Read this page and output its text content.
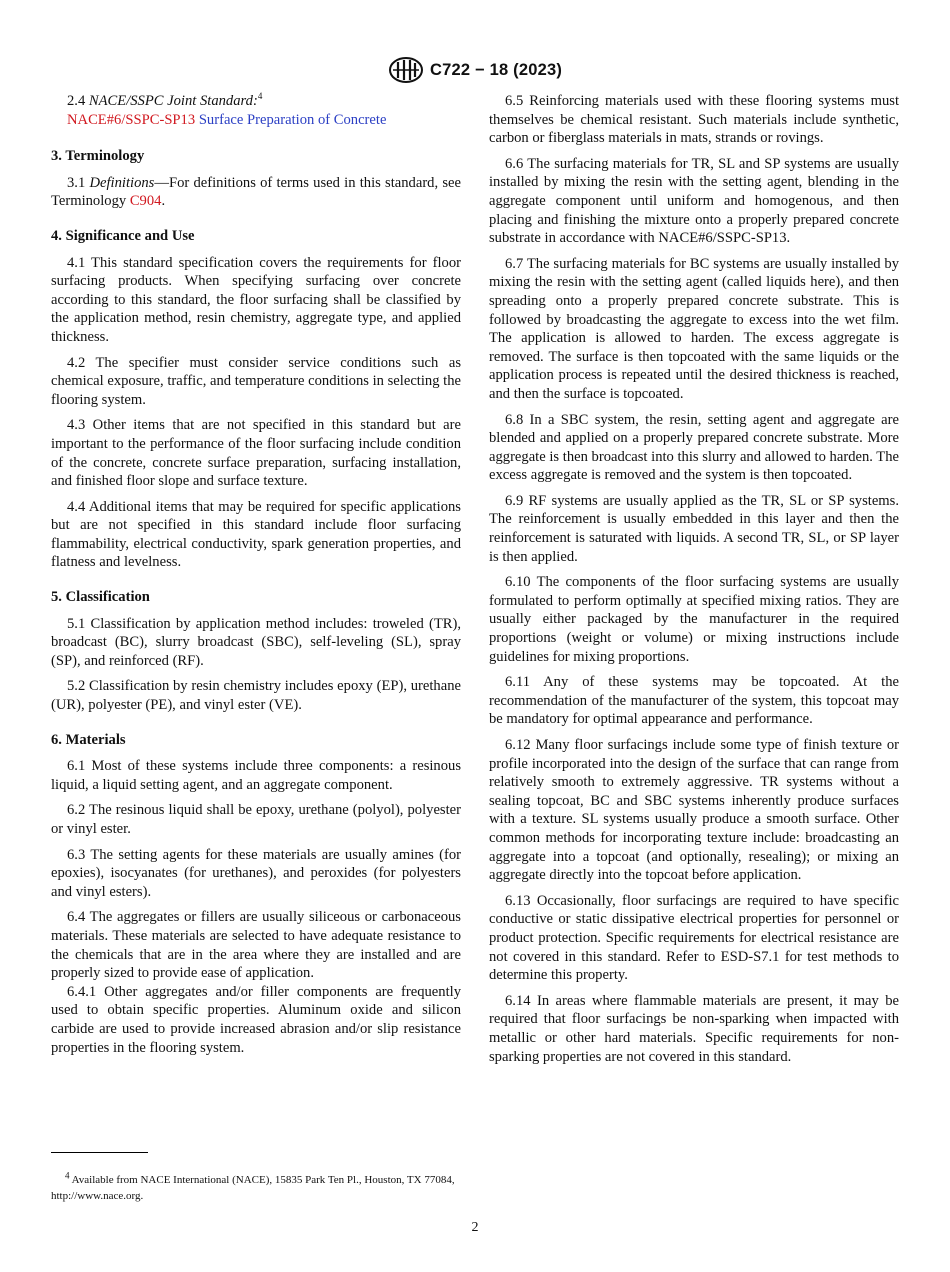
C722 − 18 (2023)

2.4 NACE/SSPC Joint Standard:$^4$

NACE#6/SSPC-SP13 Surface Preparation of Concrete

3. Terminology

3.1 Definitions—For definitions of terms used in this standard, see Terminology C904.

4. Significance and Use

4.1 This standard specification covers the requirements for floor surfacing products. When specifying surfacing over concrete according to this standard, the floor surfacing shall be classified by the application method, resin chemistry, aggregate type, and applied thickness.

4.2 The specifier must consider service conditions such as chemical exposure, traffic, and temperature conditions in selecting the flooring system.

4.3 Other items that are not specified in this standard but are important to the performance of the floor surfacing include condition of the concrete, concrete surface preparation, surfacing installation, and finished floor slope and surface texture.

4.4 Additional items that may be required for specific applications but are not specified in this standard include floor surfacing flammability, electrical conductivity, spark generation properties, and flatness and levelness.

5. Classification

5.1 Classification by application method includes: troweled (TR), broadcast (BC), slurry broadcast (SBC), self-leveling (SL), spray (SP), and reinforced (RF).

5.2 Classification by resin chemistry includes epoxy (EP), urethane (UR), polyester (PE), and vinyl ester (VE).

6. Materials

6.1 Most of these systems include three components: a resinous liquid, a liquid setting agent, and an aggregate component.

6.2 The resinous liquid shall be epoxy, urethane (polyol), polyester or vinyl ester.

6.3 The setting agents for these materials are usually amines (for epoxies), isocyanates (for urethanes), and peroxides (for polyesters and vinyl esters).

6.4 The aggregates or fillers are usually siliceous or carbonaceous materials. These materials are selected to have adequate resistance to the chemicals that are in the area where they are installed and are properly sized to provide ease of application.

6.4.1 Other aggregates and/or filler components are frequently used to obtain specific properties. Aluminum oxide and silicon carbide are used to provide increased abrasion and/or slip resistance properties in the flooring system.

6.5 Reinforcing materials used with these flooring systems must themselves be chemical resistant. Such materials include synthetic, carbon or fiberglass materials in mats, strands or rovings.

6.6 The surfacing materials for TR, SL and SP systems are usually installed by mixing the resin with the setting agent, blending in the aggregate component until uniform and homogenous, and then placing and finishing the mixture onto a properly prepared concrete substrate in accordance with NACE#6/SSPC-SP13.

6.7 The surfacing materials for BC systems are usually installed by mixing the resin with the setting agent (called liquids here), and then spreading onto a properly prepared concrete substrate. This is followed by broadcasting the aggregate to excess into the wet film. The application is allowed to harden. The excess aggregate is removed. The surface is then topcoated with the same liquids or the application process is repeated until the desired thickness is reached, and then the surface is topcoated.

6.8 In a SBC system, the resin, setting agent and aggregate are blended and applied on a properly prepared concrete substrate. More aggregate is then broadcast into this slurry and allowed to harden. The excess aggregate is removed and the system is then topcoated.

6.9 RF systems are usually applied as the TR, SL or SP systems. The reinforcement is usually embedded in this layer and then the reinforcement is saturated with liquids. A second TR, SL, or SP layer is then applied.

6.10 The components of the floor surfacing systems are usually formulated to perform optimally at specified mixing ratios. They are usually either packaged by the manufacturer in the required proportions (weight or volume) or mixing instructions include guidelines for mixing proportions.

6.11 Any of these systems may be topcoated. At the recommendation of the manufacturer of the system, this topcoat may be mandatory for optimal appearance and performance.

6.12 Many floor surfacings include some type of finish texture or profile incorporated into the design of the surface that can range from relatively smooth to extremely aggressive. TR systems without a sealing topcoat, BC and SBC systems inherently produce surfaces with a texture. SL systems usually produce a smooth surface. Other common methods for incorporating texture include: broadcasting an aggregate into a topcoat (and optionally, resealing); or mixing an aggregate directly into the topcoat before application.

6.13 Occasionally, floor surfacings are required to have specific conductive or static dissipative electrical properties for personnel or product protection. Specific requirements for electrical resistance are not covered in this standard. Refer to ESD-S7.1 for test methods to determine this property.

6.14 In areas where flammable materials are present, it may be required that floor surfacings be non-sparking when impacted with metallic or other hard materials. Specific requirements for non-sparking properties are not covered in this standard.

$^4$ Available from NACE International (NACE), 15835 Park Ten Pl., Houston, TX 77084, http://www.nace.org.

2
